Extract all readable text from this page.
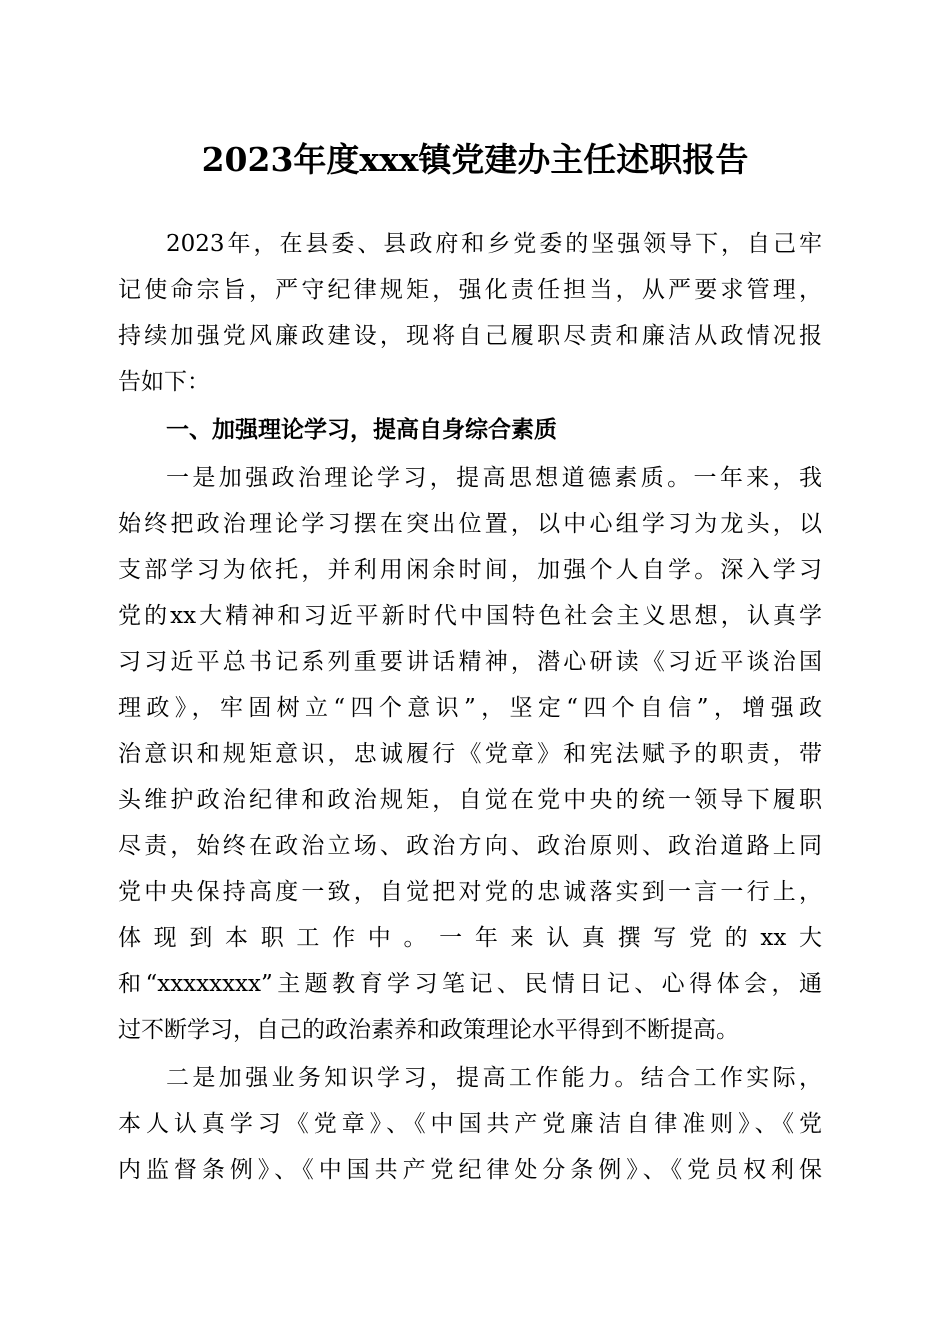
2023年度xxx镇党建办主任述职报告
2023年，在县委、县政府和乡党委的坚强领导下，自己牢
记使命宗旨，严守纪律规矩，强化责任担当，从严要求管理，
持续加强党风廉政建设，现将自己履职尽责和廉洁从政情况报
告如下：
一、加强理论学习，提高自身综合素质
一是加强政治理论学习，提高思想道德素质。一年来，我
始终把政治理论学习摆在突出位置，以中心组学习为龙头，以
支部学习为依托，并利用闲余时间，加强个人自学。深入学习
党的xx大精神和习近平新时代中国特色社会主义思想，认真学
习习近平总书记系列重要讲话精神，潜心研读《习近平谈治国
理政》，牢固树立“四个意识”，坚定“四个自信”，增强政
治意识和规矩意识，忠诚履行《党章》和宪法赋予的职责，带
头维护政治纪律和政治规矩，自觉在党中央的统一领导下履职
尽责，始终在政治立场、政治方向、政治原则、政治道路上同
党中央保持高度一致，自觉把对党的忠诚落实到一言一行上，
体现到本职工作中。一年来认真撰写党的xx大
和“xxxxxxxx”主题教育学习笔记、民情日记、心得体会，通
过不断学习，自己的政治素养和政策理论水平得到不断提高。
二是加强业务知识学习，提高工作能力。结合工作实际，
本人认真学习《党章》、《中国共产党廉洁自律准则》、《党
内监督条例》、《中国共产党纪律处分条例》、《党员权利保
